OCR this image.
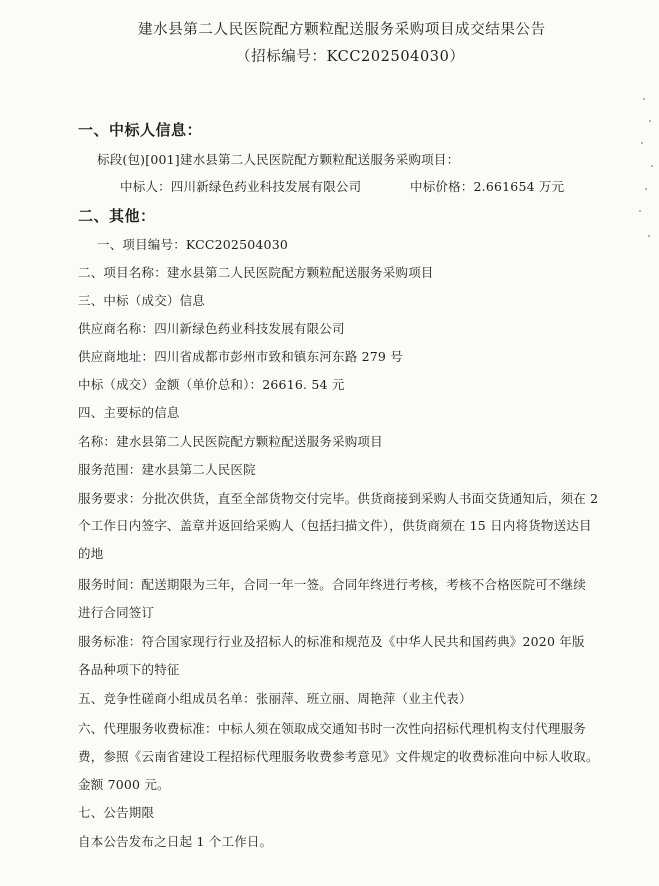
建水县第二人民医院配方颗粒配送服务采购项目成交结果公告
（招标编号：KCC202504030）
一、中标人信息：
标段(包)[001]建水县第二人民医院配方颗粒配送服务采购项目：
中标人：四川新绿色药业科技发展有限公司	中标价格：2.661654 万元
二、其他：
一、项目编号：KCC202504030
二、项目名称：建水县第二人民医院配方颗粒配送服务采购项目
三、中标（成交）信息
供应商名称：四川新绿色药业科技发展有限公司
供应商地址：四川省成都市彭州市致和镇东河东路 279 号
中标（成交）金额（单价总和）：26616. 54 元
四、主要标的信息
名称：建水县第二人民医院配方颗粒配送服务采购项目
服务范围：建水县第二人民医院
服务要求：分批次供货，直至全部货物交付完毕。供货商接到采购人书面交货通知后，须在 2
个工作日内签字、盖章并返回给采购人（包括扫描文件），供货商须在 15 日内将货物送达目
的地
服务时间：配送期限为三年，合同一年一签。合同年终进行考核，考核不合格医院可不继续
进行合同签订
服务标准：符合国家现行行业及招标人的标准和规范及《中华人民共和国药典》2020 年版
各品种项下的特征
五、竞争性磋商小组成员名单：张丽萍、班立丽、周艳萍（业主代表）
六、代理服务收费标准：中标人须在领取成交通知书时一次性向招标代理机构支付代理服务
费，参照《云南省建设工程招标代理服务收费参考意见》文件规定的收费标准向中标人收取。
金额 7000 元。
七、公告期限
自本公告发布之日起 1 个工作日。
